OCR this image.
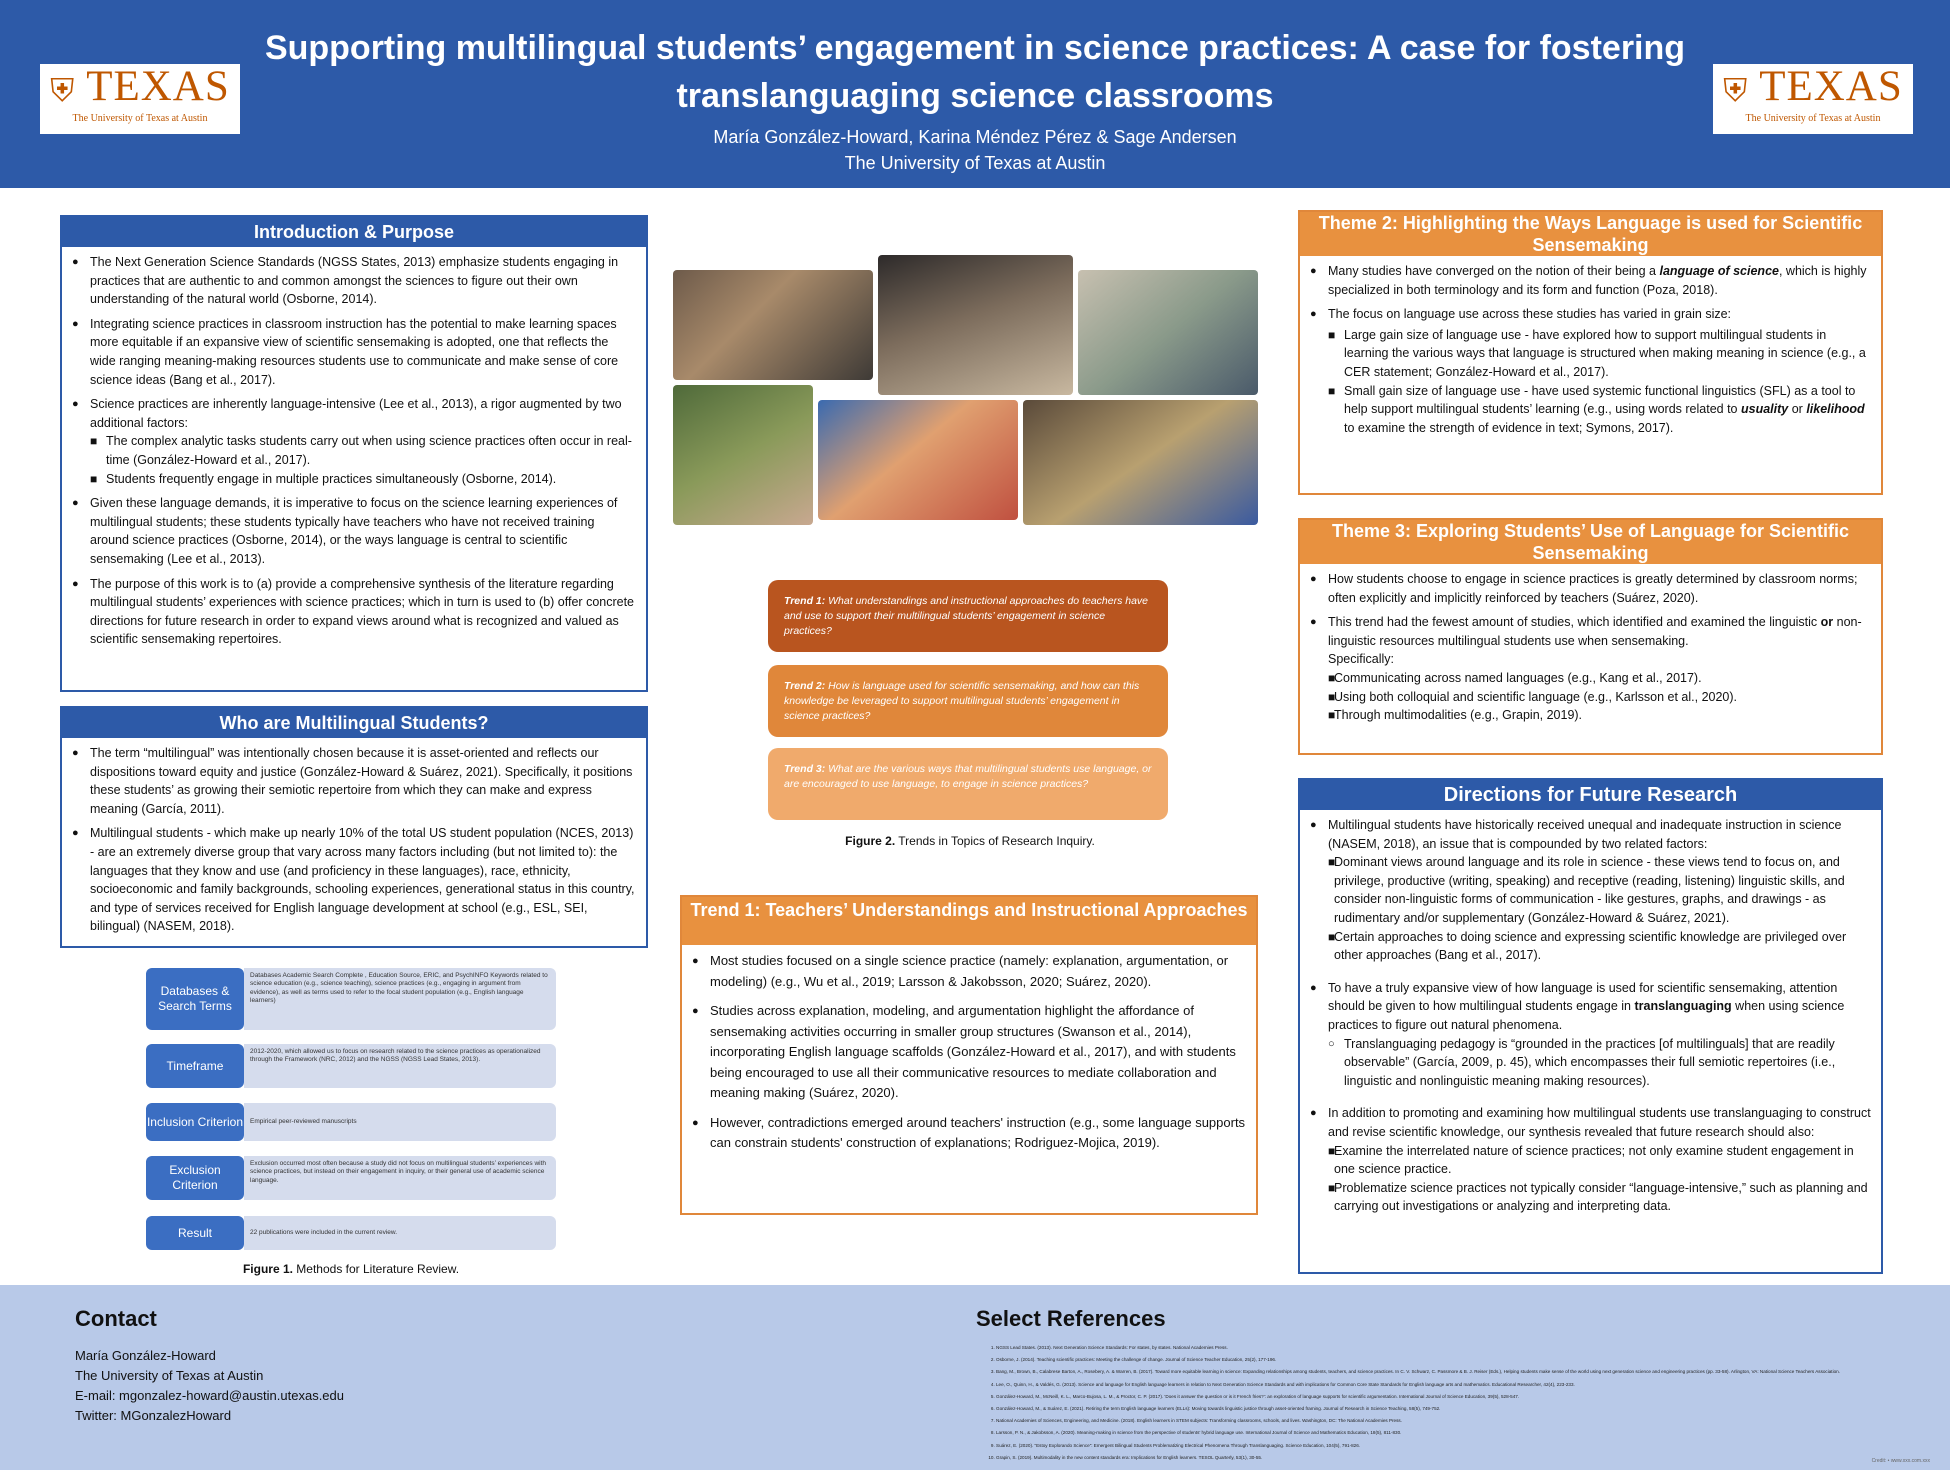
⛨ TEXAS
The University of Texas at Austin
Supporting multilingual students’ engagement in science practices: A case for fostering translanguaging science classrooms
María González-Howard, Karina Méndez Pérez & Sage Andersen
The University of Texas at Austin
⛨ TEXAS
The University of Texas at Austin
Introduction & Purpose

● The Next Generation Science Standards (NGSS States, 2013) emphasize students engaging in practices that are authentic to and common amongst the sciences to figure out their own understanding of the natural world (Osborne, 2014).

● Integrating science practices in classroom instruction has the potential to make learning spaces more equitable if an expansive view of scientific sensemaking is adopted, one that reflects the wide ranging meaning-making resources students use to communicate and make sense of core science ideas (Bang et al., 2017).

● Science practices are inherently language-intensive (Lee et al., 2013), a rigor augmented by two additional factors:

■ The complex analytic tasks students carry out when using science practices often occur in real-time (González-Howard et al., 2017).
■ Students frequently engage in multiple practices simultaneously (Osborne, 2014).

● Given these language demands, it is imperative to focus on the science learning experiences of multilingual students; these students typically have teachers who have not received training around science practices (Osborne, 2014), or the ways language is central to scientific sensemaking (Lee et al., 2013).

● The purpose of this work is to (a) provide a comprehensive synthesis of the literature regarding multilingual students’ experiences with science practices; which in turn is used to (b) offer concrete directions for future research in order to expand views around what is recognized and valued as scientific sensemaking repertoires.

Who are Multilingual Students?

● The term “multilingual” was intentionally chosen because it is asset-oriented and reflects our dispositions toward equity and justice (González-Howard & Suárez, 2021). Specifically, it positions these students’ as growing their semiotic repertoire from which they can make and express meaning (García, 2011).

● Multilingual students - which make up nearly 10% of the total US student population (NCES, 2013) - are an extremely diverse group that vary across many factors including (but not limited to): the languages that they know and use (and proficiency in these languages), race, ethnicity, socioeconomic and family backgrounds, schooling experiences, generational status in this country, and type of services received for English language development at school (e.g., ESL, SEI, bilingual) (NASEM, 2018).

Databases & Search Terms
Databases Academic Search Complete , Education Source, ERIC, and PsychINFO Keywords related to science education (e.g., science teaching), science practices (e.g., engaging in argument from evidence), as well as terms used to refer to the focal student population (e.g., English language learners)
Timeframe
2012-2020, which allowed us to focus on research related to the science practices as operationalized through the Framework (NRC, 2012) and the NGSS (NGSS Lead States, 2013).
Inclusion Criterion	Empirical peer-reviewed manuscripts
Exclusion Criterion
Exclusion occurred most often because a study did not focus on multilingual students’ experiences with science practices, but instead on their engagement in inquiry, or their general use of academic science language.
Result	22 publications were included in the current review.
Figure 1. Methods for Literature Review.
Trend 1: What understandings and instructional approaches do teachers have and use to support their multilingual students’ engagement in science practices?
Trend 2: How is language used for scientific sensemaking, and how can this knowledge be leveraged to support multilingual students’ engagement in science practices?
Trend 3: What are the various ways that multilingual students use language, or are encouraged to use language, to engage in science practices?
Figure 2. Trends in Topics of Research Inquiry.
Trend 1: Teachers’ Understandings and Instructional Approaches

● Most studies focused on a single science practice (namely: explanation, argumentation, or modeling) (e.g., Wu et al., 2019; Larsson & Jakobsson, 2020; Suárez, 2020).

● Studies across explanation, modeling, and argumentation highlight the affordance of sensemaking activities occurring in smaller group structures (Swanson et al., 2014), incorporating English language scaffolds (González-Howard et al., 2017), and with students being encouraged to use all their communicative resources to mediate collaboration and meaning making (Suárez, 2020).

● However, contradictions emerged around teachers' instruction (e.g., some language supports can constrain students' construction of explanations; Rodriguez-Mojica, 2019).

Theme 2: Highlighting the Ways Language is used for Scientific Sensemaking

● Many studies have converged on the notion of their being a language of science, which is highly specialized in both terminology and its form and function (Poza, 2018).

● The focus on language use across these studies has varied in grain size:

■ Large gain size of language use - have explored how to support multilingual students in learning the various ways that language is structured when making meaning in science (e.g., a CER statement; González-Howard et al., 2017).
■ Small gain size of language use - have used systemic functional linguistics (SFL) as a tool to help support multilingual students’ learning (e.g., using words related to usuality or likelihood to examine the strength of evidence in text; Symons, 2017).
Theme 3: Exploring Students’ Use of Language for Scientific Sensemaking

● How students choose to engage in science practices is greatly determined by classroom norms; often explicitly and implicitly reinforced by teachers (Suárez, 2020).

● This trend had the fewest amount of studies, which identified and examined the linguistic or non-linguistic resources multilingual students use when sensemaking.
Specifically:

■ Communicating across named languages (e.g., Kang et al., 2017).
■ Using both colloquial and scientific language (e.g., Karlsson et al., 2020).
■ Through multimodalities (e.g., Grapin, 2019).
Directions for Future Research

● Multilingual students have historically received unequal and inadequate instruction in science (NASEM, 2018), an issue that is compounded by two related factors:

■ Dominant views around language and its role in science - these views tend to focus on, and privilege, productive (writing, speaking) and receptive (reading, listening) linguistic skills, and consider non-linguistic forms of communication - like gestures, graphs, and drawings - as rudimentary and/or supplementary (González-Howard & Suárez, 2021).
■ Certain approaches to doing science and expressing scientific knowledge are privileged over other approaches (Bang et al., 2017).

● To have a truly expansive view of how language is used for scientific sensemaking, attention should be given to how multilingual students engage in translanguaging when using science practices to figure out natural phenomena.

○ Translanguaging pedagogy is “grounded in the practices [of multilinguals] that are readily observable” (García, 2009, p. 45), which encompasses their full semiotic repertoires (i.e., linguistic and nonlinguistic meaning making resources).

● In addition to promoting and examining how multilingual students use translanguaging to construct and revise scientific knowledge, our synthesis revealed that future research should also:

■ Examine the interrelated nature of science practices; not only examine student engagement in one science practice.
■ Problematize science practices not typically consider “language-intensive,” such as planning and carrying out investigations or analyzing and interpreting data.
Contact
María González-Howard
The University of Texas at Austin
E-mail: mgonzalez-howard@austin.utexas.edu
Twitter: MGonzalezHoward
Select References
1. NGSS Lead States. (2013). Next Generation Science Standards: For states, by states. National Academies Press.
2. Osborne, J. (2014). Teaching scientific practices: Meeting the challenge of change. Journal of Science Teacher Education, 25(2), 177-196.
3. Bang, M., Brown, B., Calabrese Barton, A., Rosebery, A. & Warren, B. (2017). Toward more equitable learning in science: Expanding relationships among students, teachers, and science practices. In C. V. Schwarz, C. Passmore & B. J. Reiser (Eds.), Helping students make sense of the world using next generation science and engineering practices (pp. 33-58). Arlington, VA: National Science Teachers Association.
4. Lee, O., Quinn, H., & Valdés, G. (2013). Science and language for English language learners in relation to Next Generation Science Standards and with implications for Common Core State Standards for English language arts and mathematics. Educational Researcher, 42(4), 223-233.
5. González-Howard, M., McNeill, K. L., Marco-Bujosa, L. M., & Proctor, C. P. (2017). ‘Does it answer the question or is it French fries?’: an exploration of language supports for scientific argumentation. International Journal of Science Education, 39(5), 528-547.
6. González-Howard, M., & Suárez, E. (2021). Retiring the term English language learners (ELLs): Moving towards linguistic justice through asset-oriented framing. Journal of Research in Science Teaching, 58(5), 749-752.
7. National Academies of Sciences, Engineering, and Medicine. (2018). English learners in STEM subjects: Transforming classrooms, schools, and lives. Washington, DC: The National Academies Press.
8. Larsson, P. N., & Jakobsson, A. (2020). Meaning-making in science from the perspective of students’ hybrid language use. International Journal of Science and Mathematics Education, 18(5), 811-830.
9. Suárez, E. (2020). “Estoy Explorando Science”: Emergent Bilingual Students Problematizing Electrical Phenomena Through Translanguaging. Science Education, 104(5), 791-826.
10. Grapin, S. (2019). Multimodality in the new content standards era: Implications for English learners. TESOL Quarterly, 53(1), 30-55.
Credit: • www.xxx.com.xxx
